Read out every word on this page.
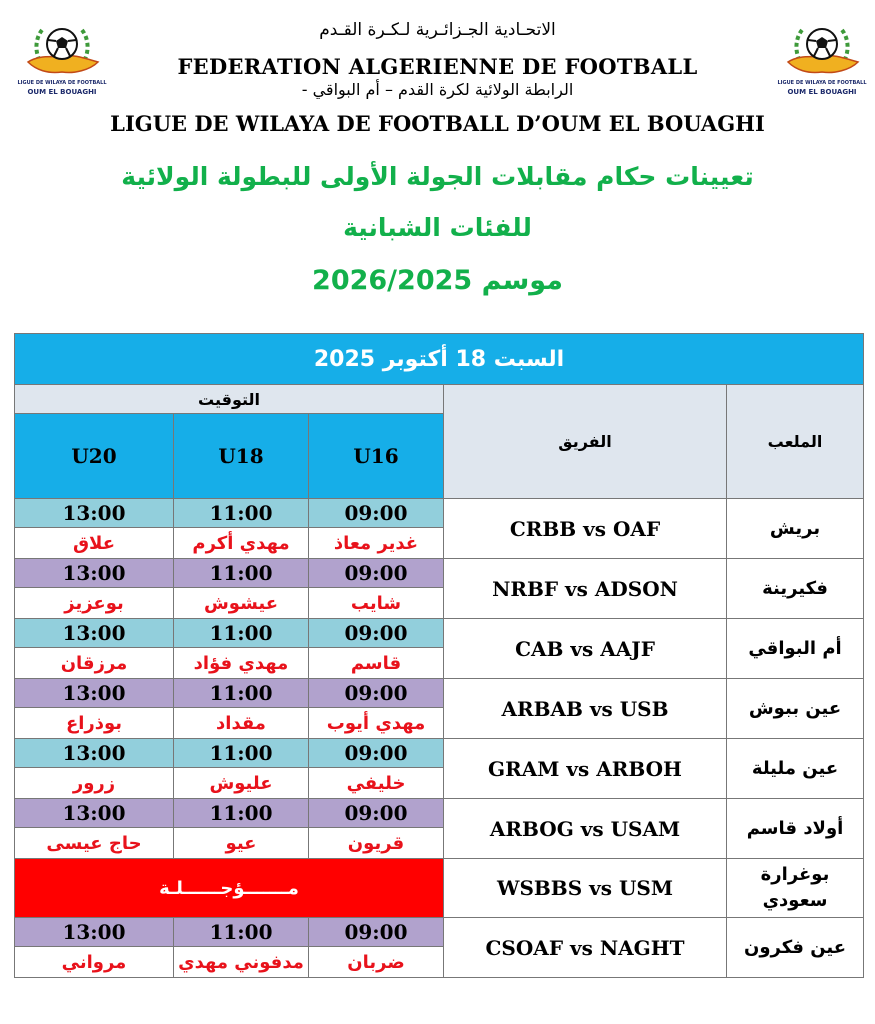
LIGUE DE WILAYA DE FOOTBALL
OUM EL BOUAGHI
LIGUE DE WILAYA DE FOOTBALL
OUM EL BOUAGHI
الاتحـادية الجـزائـرية لـكـرة القـدم
FEDERATION ALGERIENNE DE FOOTBALL
الرابطة الولائية لكرة القدم – أم البواقي -
LIGUE DE WILAYA DE FOOTBALL D’OUM EL BOUAGHI
تعيينات حكام مقابلات الجولة الأولى للبطولة الولائية
للفئات الشبانية
موسم 2026/2025
السبت 18 أكتوبر 2025				
التوقيت			الفريق	الملعب
U20	U18	U16		
13:00	11:00	09:00	CRBB vs OAF	بريش
علاق	مهدي أكرم	غدير معاذ		
13:00	11:00	09:00	NRBF vs ADSON	فكيرينة
بوعزيز	عيشوش	شايب		
13:00	11:00	09:00	CAB vs AAJF	أم البواقي
مرزقان	مهدي فؤاد	قاسم		
13:00	11:00	09:00	ARBAB vs USB	عين ببوش
بوذراع	مقداد	مهدي أيوب		
13:00	11:00	09:00	GRAM vs ARBOH	عين مليلة
زرور	عليوش	خليفي		
13:00	11:00	09:00	ARBOG vs USAM	أولاد قاسم
حاج عيسى	عيو	قريون		
مـــــــؤجــــــلـة			WSBBS vs USM	بوغرارة سعودي
13:00	11:00	09:00	CSOAF vs NAGHT	عين فكرون
مرواني	مدفوني مهدي	ضربان		
